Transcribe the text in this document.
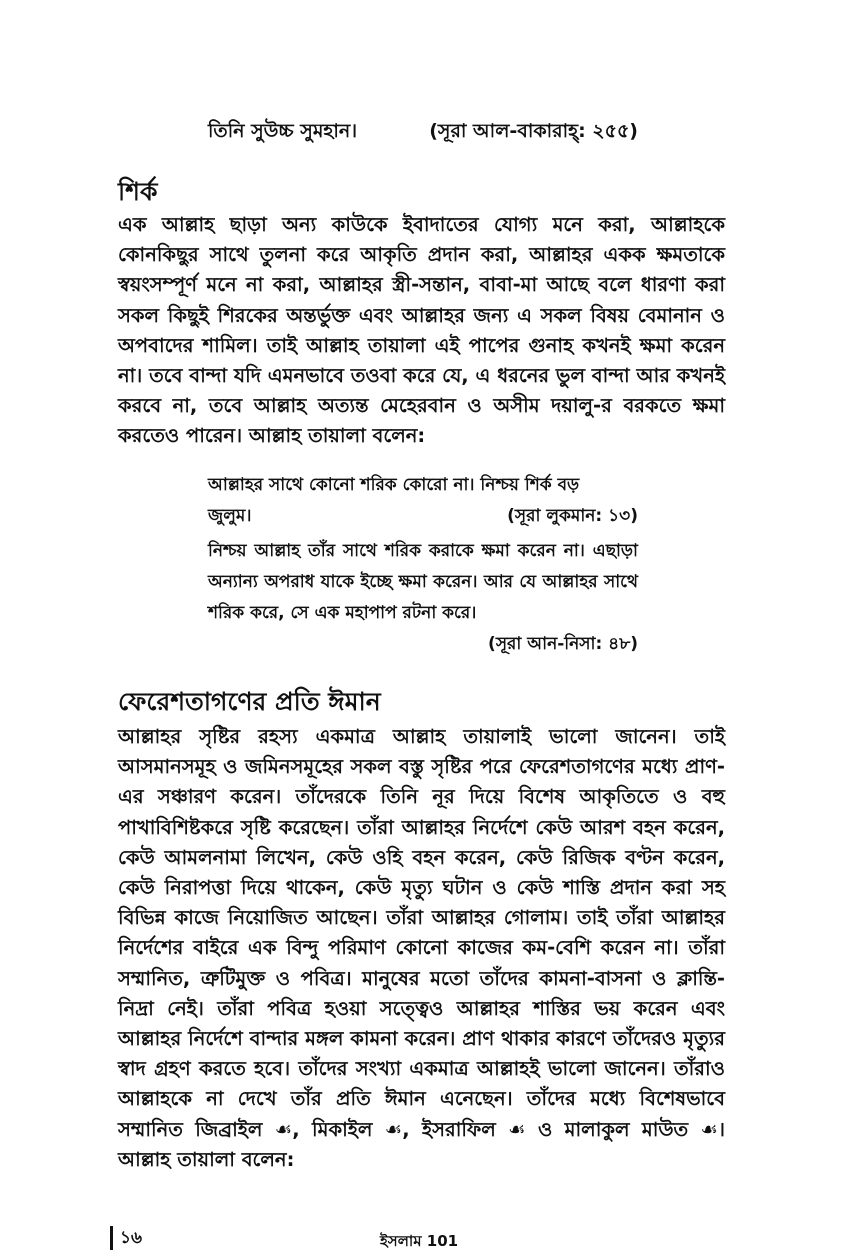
তিনি সুউচ্চ সুমহান।	(সূরা আল-বাকারাহ্: ২৫৫)
শির্ক

এক আল্লাহ ছাড়া অন্য কাউকে ইবাদাতের যোগ্য মনে করা, আল্লাহকে কোনকিছুর সাথে তুলনা করে আকৃতি প্রদান করা, আল্লাহর একক ক্ষমতাকে স্বয়ংসম্পূর্ণ মনে না করা, আল্লাহর স্ত্রী-সন্তান, বাবা-মা আছে বলে ধারণা করা সকল কিছুই শিরকের অন্তর্ভুক্ত এবং আল্লাহর জন্য এ সকল বিষয় বেমানান ও অপবাদের শামিল। তাই আল্লাহ তায়ালা এই পাপের গুনাহ কখনই ক্ষমা করেন না। তবে বান্দা যদি এমনভাবে তওবা করে যে, এ ধরনের ভুল বান্দা আর কখনই করবে না, তবে আল্লাহ অত্যন্ত মেহেরবান ও অসীম দয়ালু-র বরকতে ক্ষমা করতেও পারেন। আল্লাহ তায়ালা বলেন:

আল্লাহর সাথে কোনো শরিক কোরো না। নিশ্চয় শির্ক বড়
জুলুম।	(সূরা লুকমান: ১৩)
নিশ্চয় আল্লাহ তাঁর সাথে শরিক করাকে ক্ষমা করেন না। এছাড়া অন্যান্য অপরাধ যাকে ইচ্ছে ক্ষমা করেন। আর যে আল্লাহর সাথে শরিক করে, সে এক মহাপাপ রটনা করে।
(সূরা আন-নিসা: ৪৮)
ফেরেশতাগণের প্রতি ঈমান

আল্লাহর সৃষ্টির রহস্য একমাত্র আল্লাহ তায়ালাই ভালো জানেন। তাই আসমানসমূহ ও জমিনসমূহের সকল বস্তু সৃষ্টির পরে ফেরেশতাগণের মধ্যে প্রাণ-এর সঞ্চারণ করেন। তাঁদেরকে তিনি নূর দিয়ে বিশেষ আকৃতিতে ও বহু পাখাবিশিষ্টকরে সৃষ্টি করেছেন। তাঁরা আল্লাহর নির্দেশে কেউ আরশ বহন করেন, কেউ আমলনামা লিখেন, কেউ ওহি বহন করেন, কেউ রিজিক বণ্টন করেন, কেউ নিরাপত্তা দিয়ে থাকেন, কেউ মৃত্যু ঘটান ও কেউ শাস্তি প্রদান করা সহ বিভিন্ন কাজে নিয়োজিত আছেন। তাঁরা আল্লাহর গোলাম। তাই তাঁরা আল্লাহর নির্দেশের বাইরে এক বিন্দু পরিমাণ কোনো কাজের কম-বেশি করেন না। তাঁরা সম্মানিত, ত্রুটিমুক্ত ও পবিত্র। মানুষের মতো তাঁদের কামনা-বাসনা ও ক্লান্তি-নিদ্রা নেই। তাঁরা পবিত্র হওয়া সত্ত্বেও আল্লাহর শাস্তির ভয় করেন এবং আল্লাহর নির্দেশে বান্দার মঙ্গল কামনা করেন। প্রাণ থাকার কারণে তাঁদেরও মৃত্যুর স্বাদ গ্রহণ করতে হবে। তাঁদের সংখ্যা একমাত্র আল্লাহই ভালো জানেন। তাঁরাও আল্লাহকে না দেখে তাঁর প্রতি ঈমান এনেছেন। তাঁদের মধ্যে বিশেষভাবে সম্মানিত জিব্রাইল ☙, মিকাইল ☙, ইসরাফিল ☙ ও মালাকুল মাউত ☙। আল্লাহ তায়ালা বলেন:

১৬	ইসলাম 101
